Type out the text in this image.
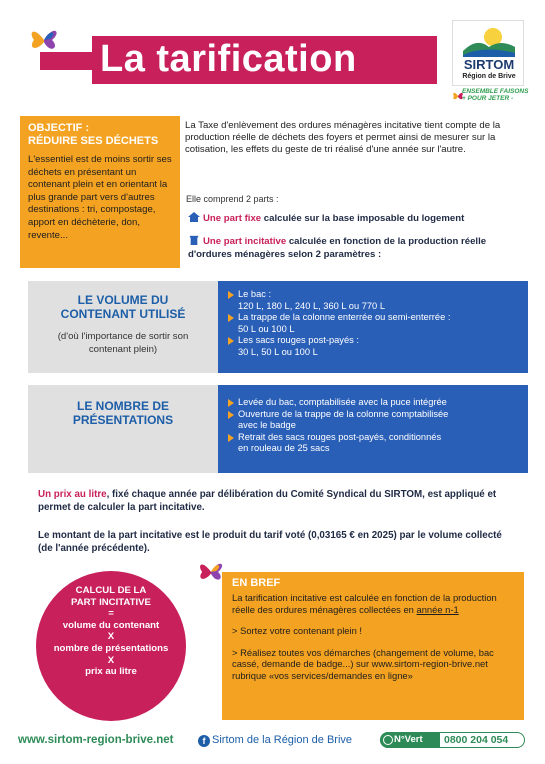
La tarification	SIRTOM
Région de Brive
ENSEMBLE FAISONS + POUR JETER -
OBJECTIF :
RÉDUIRE SES DÉCHETS
L'essentiel est de moins sortir ses déchets en présentant un contenant plein et en orientant la plus grande part vers d'autres destinations : tri, compostage, apport en déchèterie, don, revente...
La Taxe d'enlèvement des ordures ménagères incitative tient compte de la production réelle de déchets des foyers et permet ainsi de mesurer sur la cotisation, les effets du geste de tri réalisé d'une année sur l'autre.
Elle comprend 2 parts :
Une part fixe calculée sur la base imposable du logement
Une part incitative calculée en fonction de la production réelle d'ordures ménagères selon 2 paramètres :
LE VOLUME DU
CONTENANT UTILISÉ
(d'où l'importance de sortir son contenant plein)
Le bac :
120 L, 180 L, 240 L, 360 L ou 770 L
La trappe de la colonne enterrée ou semi-enterrée :
50 L ou 100 L
Les sacs rouges post-payés :
30 L, 50 L ou 100 L
LE NOMBRE DE
PRÉSENTATIONS
Levée du bac, comptabilisée avec la puce intégrée
Ouverture de la trappe de la colonne comptabilisée
avec le badge
Retrait des sacs rouges post-payés, conditionnés
en rouleau de 25 sacs
Un prix au litre, fixé chaque année par délibération du Comité Syndical du SIRTOM, est appliqué et permet de calculer la part incitative.
Le montant de la part incitative est le produit du tarif voté (0,03165 € en 2025) par le volume collecté (de l'année précédente).
CALCUL DE LA
PART INCITATIVE
=
volume du contenant
X
nombre de présentations
X
prix au litre
EN BREF
La tarification incitative est calculée en fonction de la production réelle des ordures ménagères collectées en année n-1
> Sortez votre contenant plein !
> Réalisez toutes vos démarches (changement de volume, bac cassé, demande de badge...) sur www.sirtom-region-brive.net rubrique «vos services/demandes en ligne»
www.sirtom-region-brive.net	f Sirtom de la Région de Brive	N°Vert	0800 204 054
